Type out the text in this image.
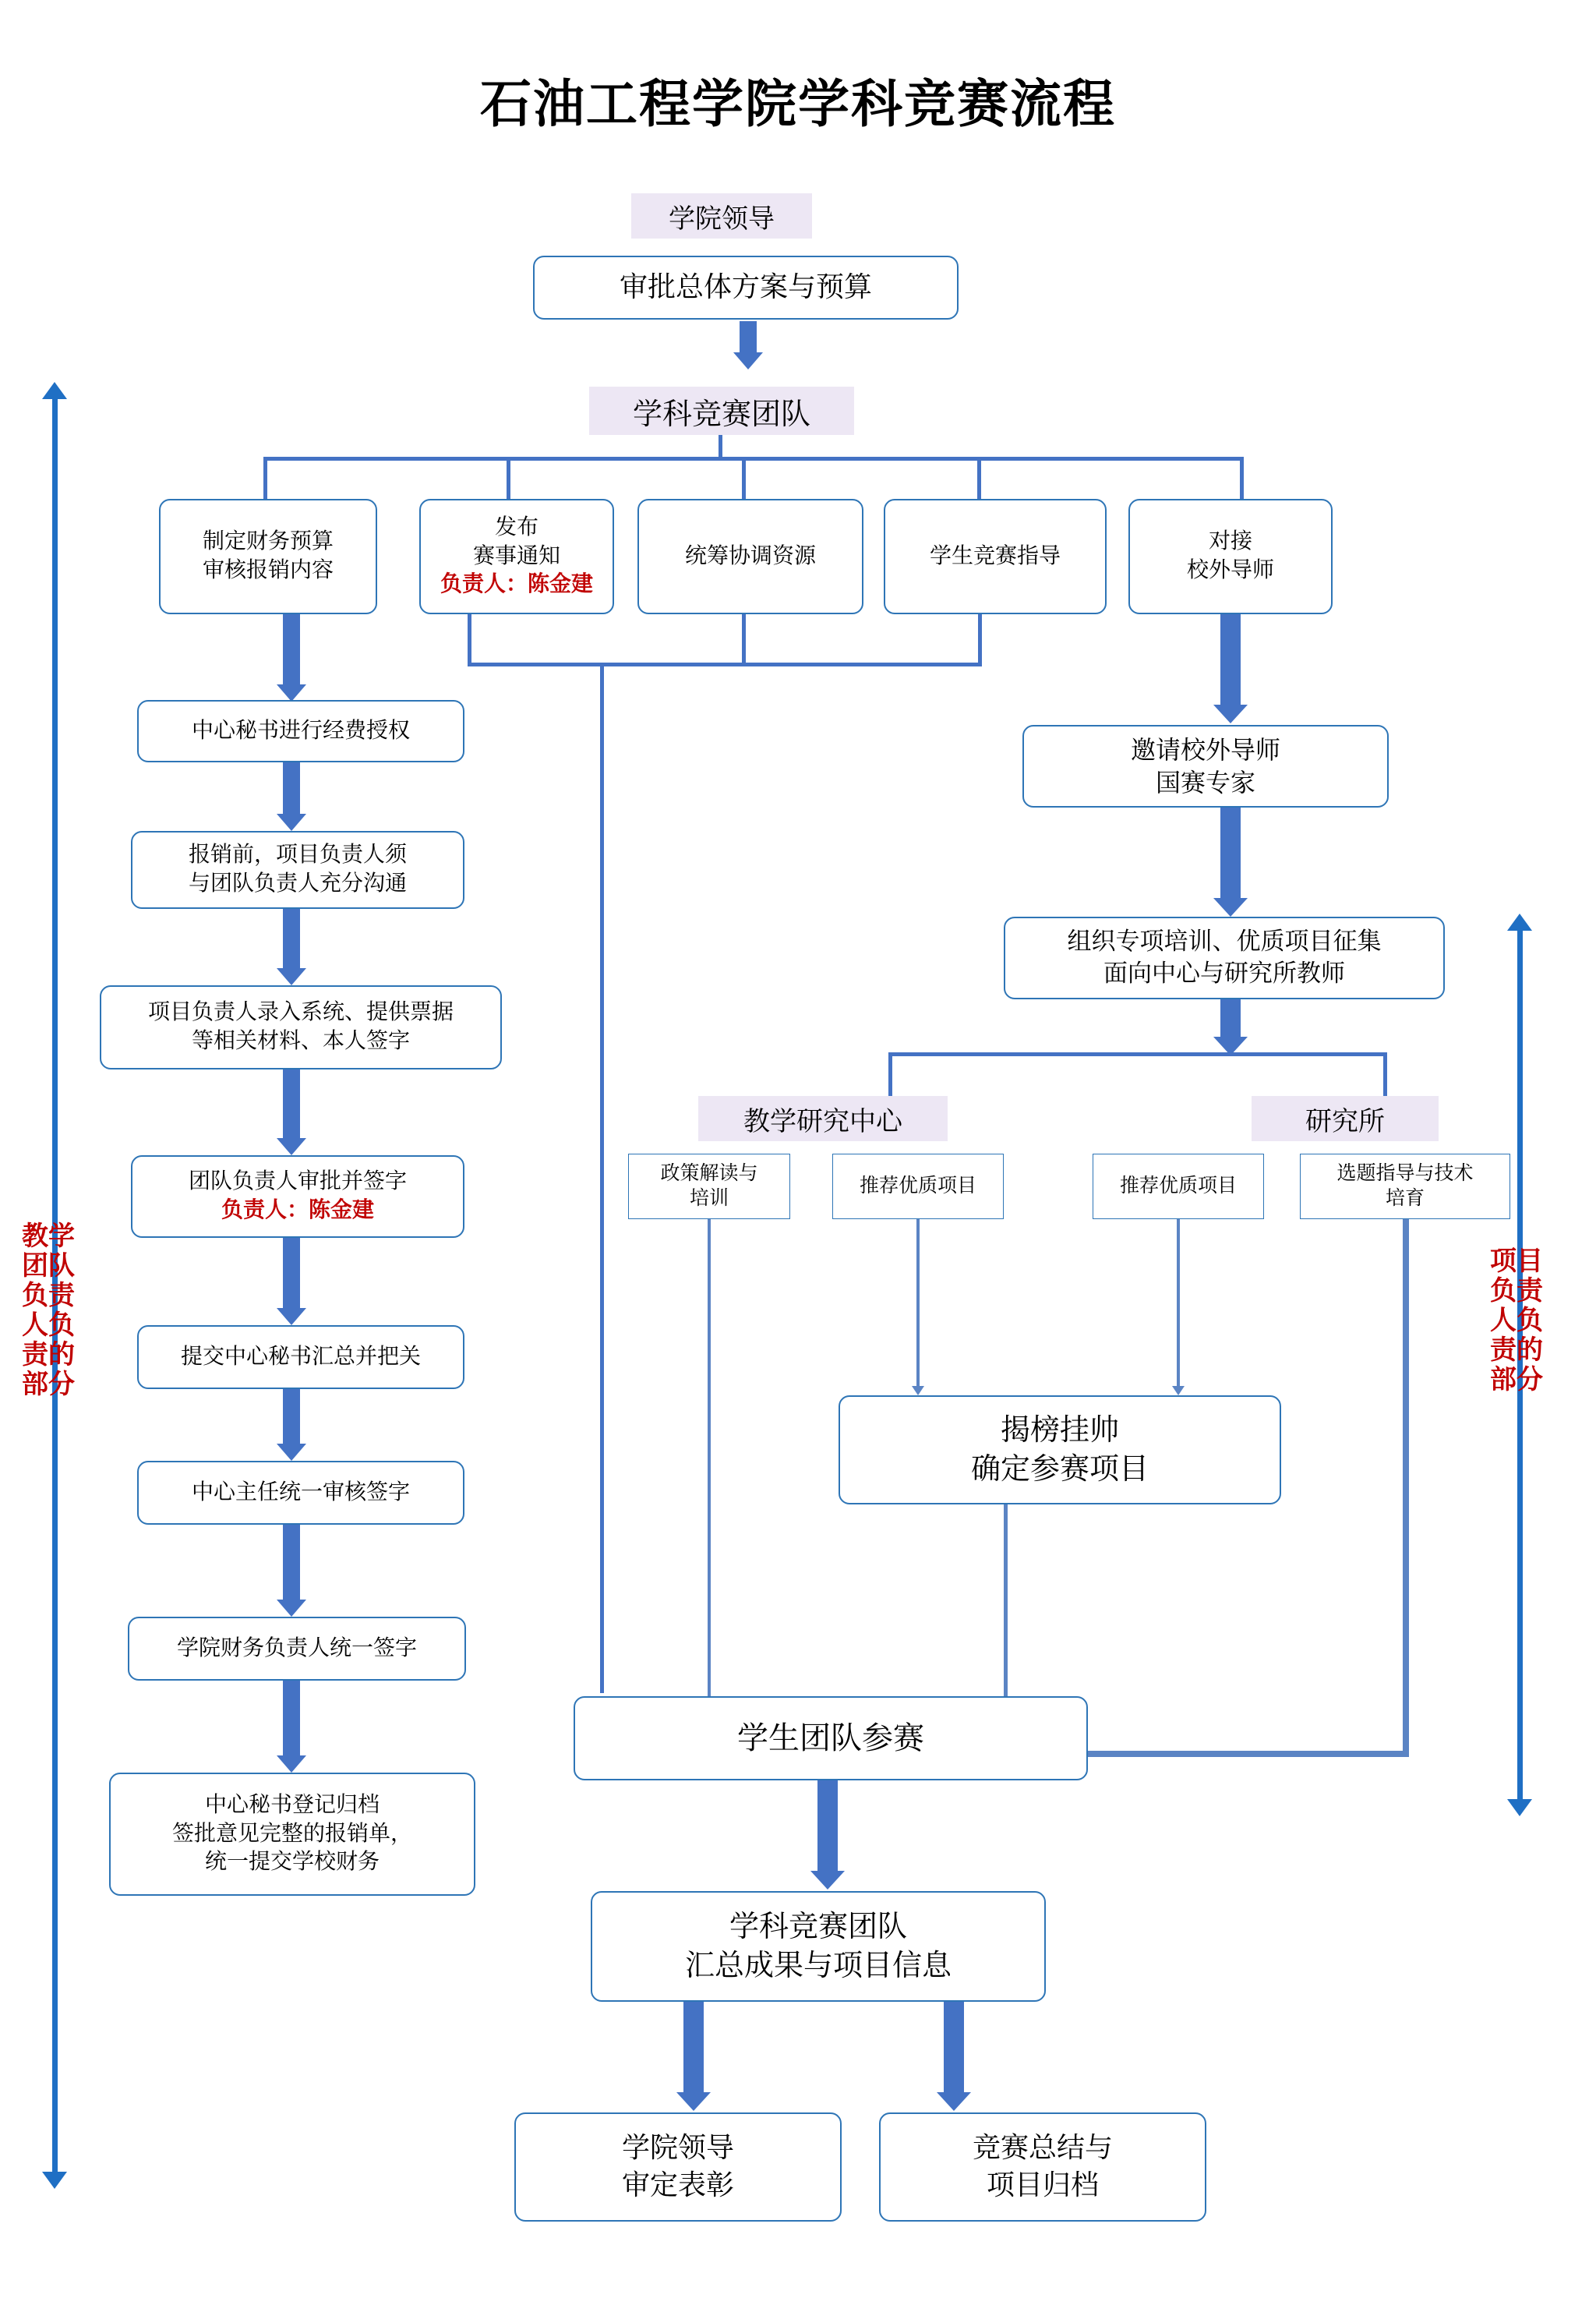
石油工程学院学科竞赛流程
学院领导
审批总体方案与预算
学科竞赛团队
制定财务预算
审核报销内容
发布
赛事通知
负责人：陈金建
统筹协调资源	学生竞赛指导
对接
校外导师
邀请校外导师
国赛专家
组织专项培训、优质项目征集
面向中心与研究所教师
教学研究中心	研究所
政策解读与
培训
推荐优质项目	推荐优质项目
选题指导与技术
培育
揭榜挂帅
确定参赛项目
学生团队参赛
学科竞赛团队
汇总成果与项目信息
学院领导
审定表彰
竞赛总结与
项目归档
中心秘书进行经费授权
报销前，项目负责人须
与团队负责人充分沟通
项目负责人录入系统、提供票据
等相关材料、本人签字
团队负责人审批并签字
负责人：陈金建
提交中心秘书汇总并把关
中心主任统一审核签字
学院财务负责人统一签字
中心秘书登记归档
签批意见完整的报销单，
统一提交学校财务
教学
团队
负责
人负
责的
部分
项目
负责
人负
责的
部分
